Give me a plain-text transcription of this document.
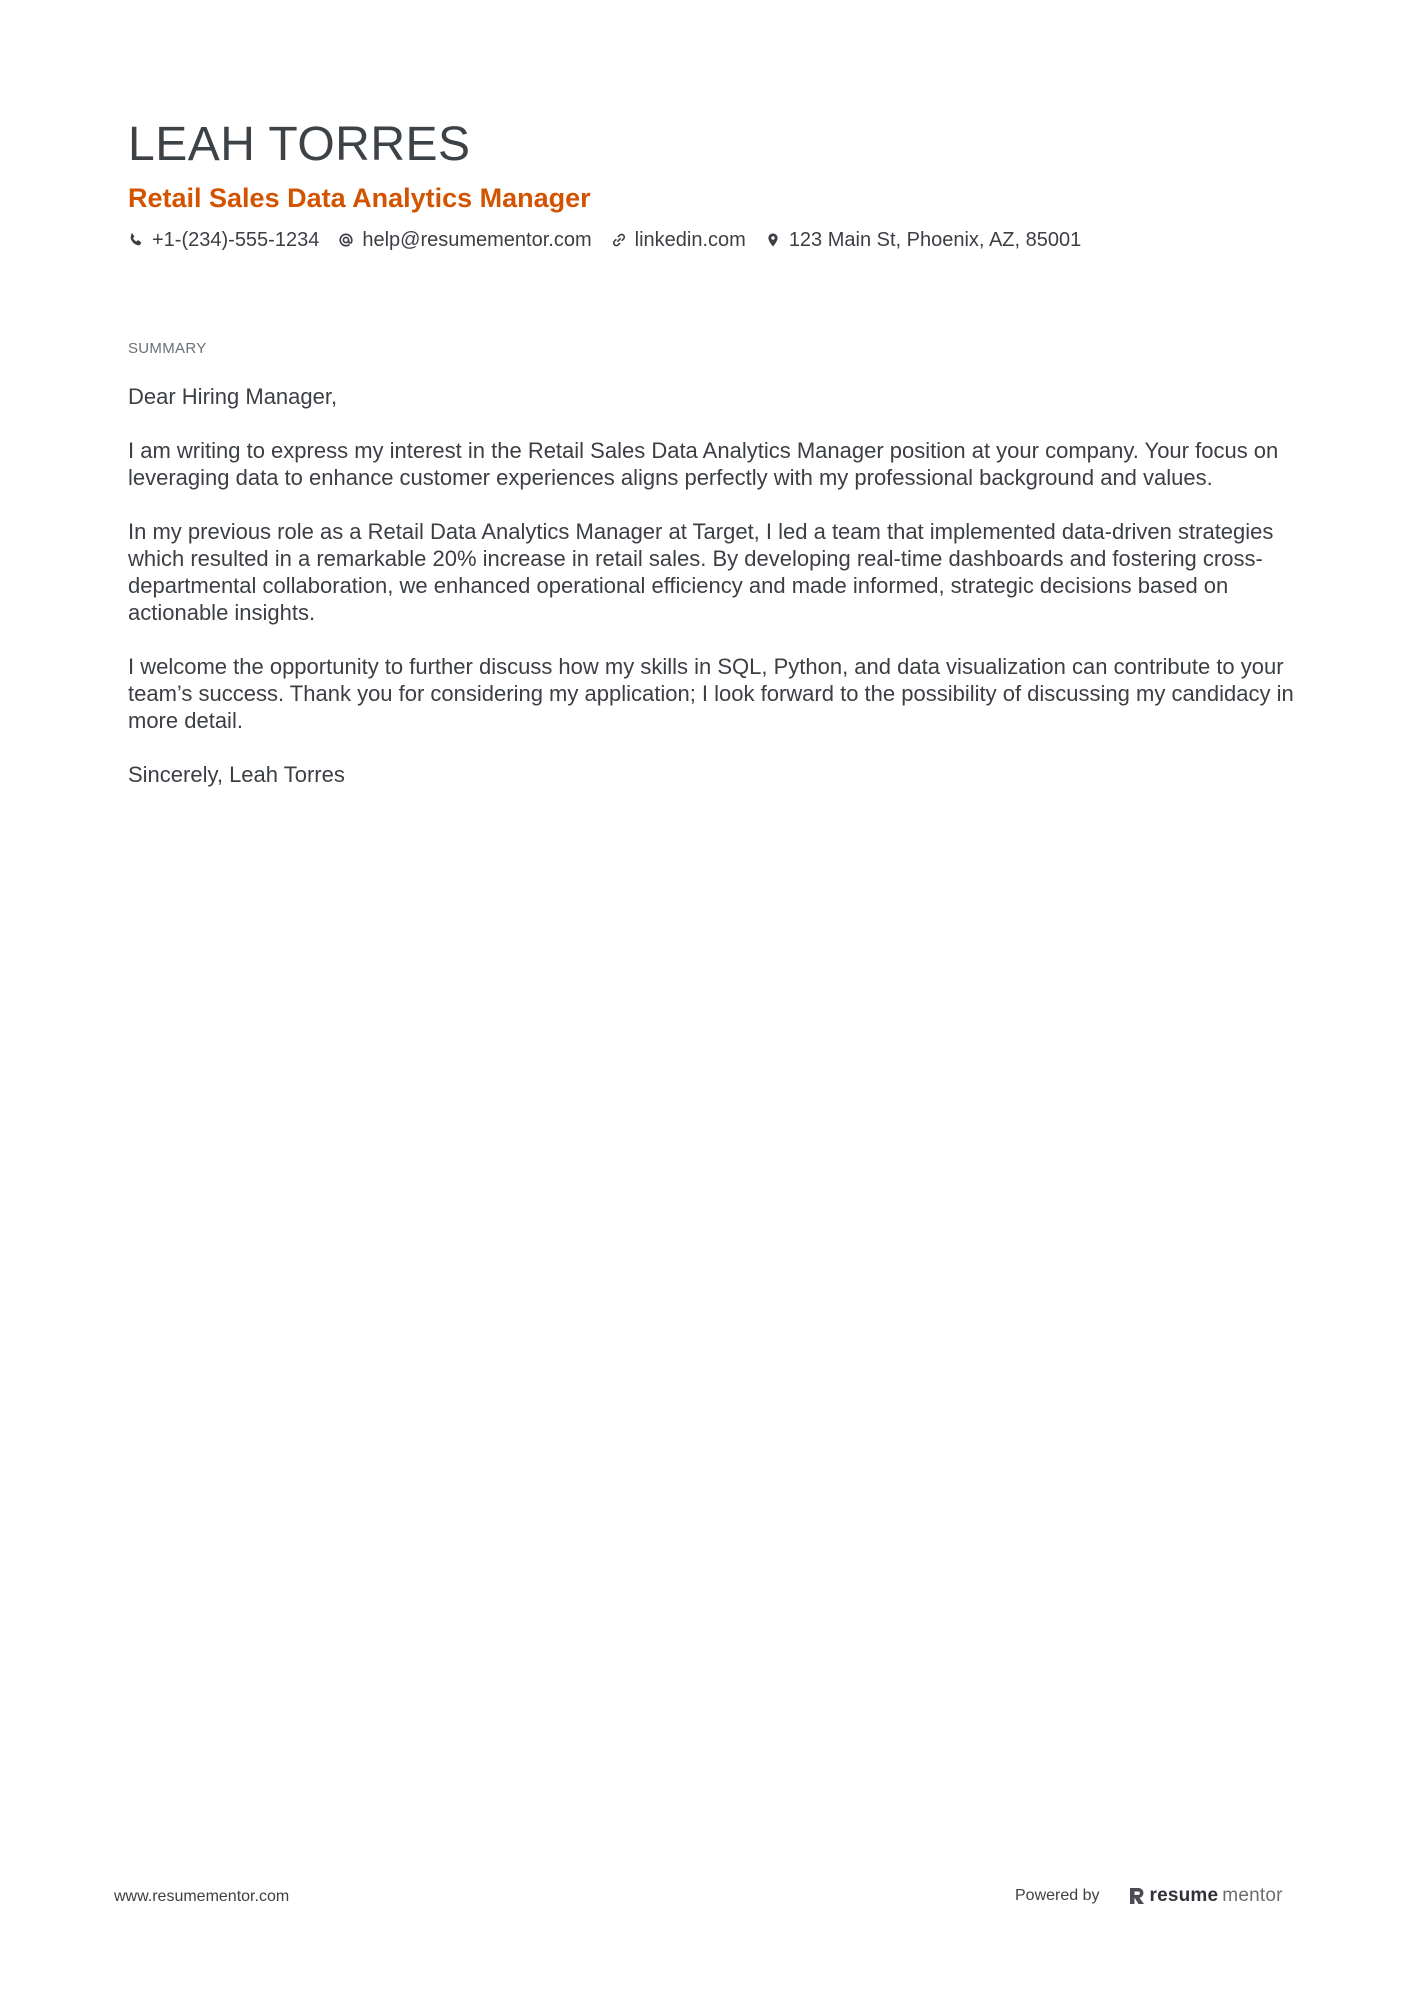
LEAH TORRES
Retail Sales Data Analytics Manager
+1-(234)-555-1234 help@resumementor.com linkedin.com 123 Main St, Phoenix, AZ, 85001
SUMMARY

Dear Hiring Manager,

I am writing to express my interest in the Retail Sales Data Analytics Manager position at your company. Your focus on leveraging data to enhance customer experiences aligns perfectly with my professional background and values.

In my previous role as a Retail Data Analytics Manager at Target, I led a team that implemented data-driven strategies which resulted in a remarkable 20% increase in retail sales. By developing real-time dashboards and fostering cross-departmental collaboration, we enhanced operational efficiency and made informed, strategic decisions based on actionable insights.

I welcome the opportunity to further discuss how my skills in SQL, Python, and data visualization can contribute to your team’s success. Thank you for considering my application; I look forward to the possibility of discussing my candidacy in more detail.

Sincerely, Leah Torres

www.resumementor.com	Powered by	resume mentor
